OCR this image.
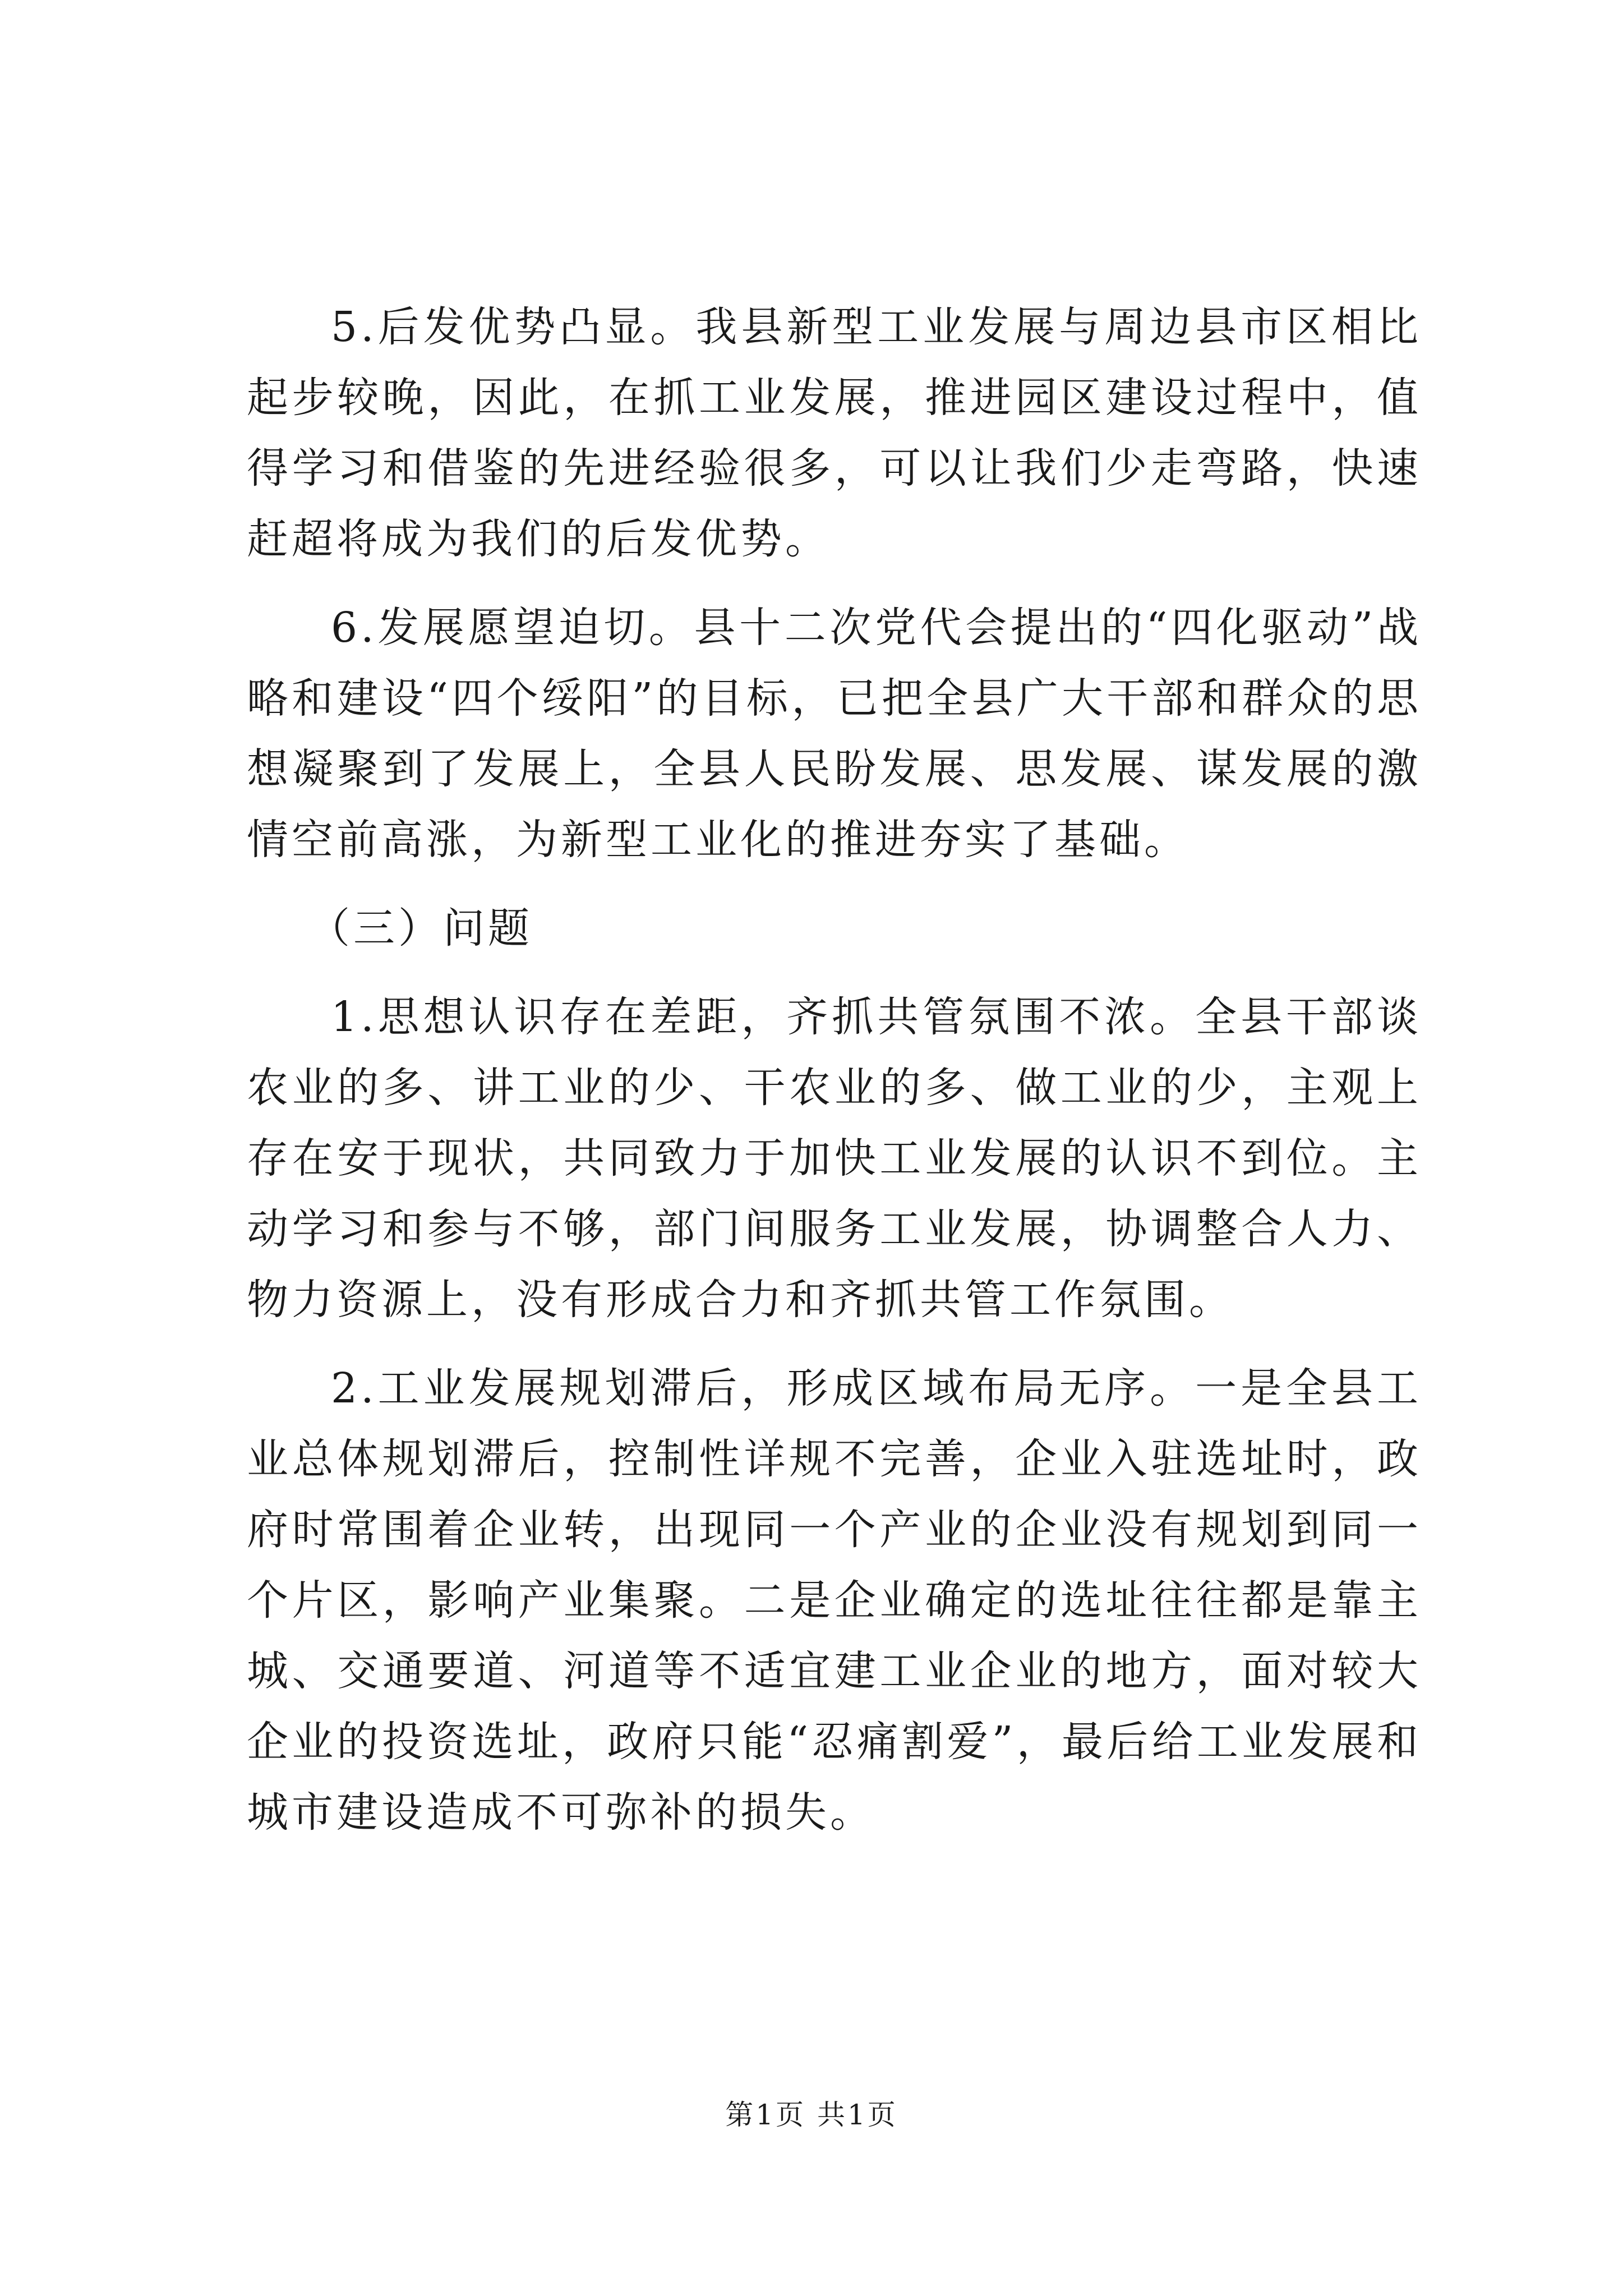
5.后发优势凸显。我县新型工业发展与周边县市区相比起步较晚，因此，在抓工业发展，推进园区建设过程中，值得学习和借鉴的先进经验很多，可以让我们少走弯路，快速赶超将成为我们的后发优势。

6.发展愿望迫切。县十二次党代会提出的“四化驱动”战略和建设“四个绥阳”的目标，已把全县广大干部和群众的思想凝聚到了发展上，全县人民盼发展、思发展、谋发展的激情空前高涨，为新型工业化的推进夯实了基础。

（三）问题

1.思想认识存在差距，齐抓共管氛围不浓。全县干部谈农业的多、讲工业的少、干农业的多、做工业的少，主观上存在安于现状，共同致力于加快工业发展的认识不到位。主动学习和参与不够，部门间服务工业发展，协调整合人力、物力资源上，没有形成合力和齐抓共管工作氛围。

2.工业发展规划滞后，形成区域布局无序。一是全县工业总体规划滞后，控制性详规不完善，企业入驻选址时，政府时常围着企业转，出现同一个产业的企业没有规划到同一个片区，影响产业集聚。二是企业确定的选址往往都是靠主城、交通要道、河道等不适宜建工业企业的地方，面对较大企业的投资选址，政府只能“忍痛割爱”，最后给工业发展和城市建设造成不可弥补的损失。

第1页 共1页
